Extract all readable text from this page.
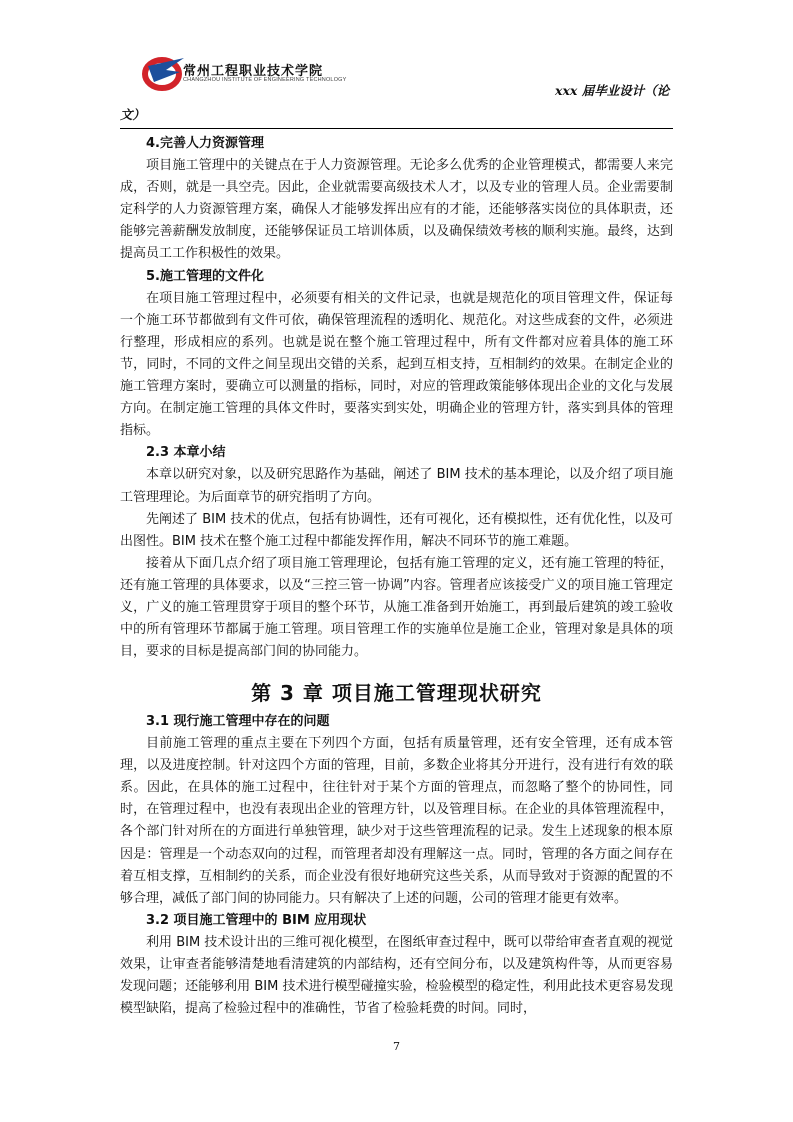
常州工程职业技术学院
CHANGZHOU INSTITUTE OF ENGINEERING TECHNOLOGY
xxx 届毕业设计（论
文）
4.完善人力资源管理

项目施工管理中的关键点在于人力资源管理。无论多么优秀的企业管理模式，都需要人来完成，否则，就是一具空壳。因此，企业就需要高级技术人才，以及专业的管理人员。企业需要制定科学的人力资源管理方案，确保人才能够发挥出应有的才能，还能够落实岗位的具体职责，还能够完善薪酬发放制度，还能够保证员工培训体质，以及确保绩效考核的顺利实施。最终，达到提高员工工作积极性的效果。

5.施工管理的文件化

在项目施工管理过程中，必须要有相关的文件记录，也就是规范化的项目管理文件，保证每一个施工环节都做到有文件可依，确保管理流程的透明化、规范化。对这些成套的文件，必须进行整理，形成相应的系列。也就是说在整个施工管理过程中，所有文件都对应着具体的施工环节，同时，不同的文件之间呈现出交错的关系，起到互相支持，互相制约的效果。在制定企业的施工管理方案时，要确立可以测量的指标，同时，对应的管理政策能够体现出企业的文化与发展方向。在制定施工管理的具体文件时，要落实到实处，明确企业的管理方针，落实到具体的管理指标。

2.3 本章小结

本章以研究对象，以及研究思路作为基础，阐述了 BIM 技术的基本理论，以及介绍了项目施工管理理论。为后面章节的研究指明了方向。

先阐述了 BIM 技术的优点，包括有协调性，还有可视化，还有模拟性，还有优化性，以及可出图性。BIM 技术在整个施工过程中都能发挥作用，解决不同环节的施工难题。

接着从下面几点介绍了项目施工管理理论，包括有施工管理的定义，还有施工管理的特征，还有施工管理的具体要求，以及“三控三管一协调”内容。管理者应该接受广义的项目施工管理定义，广义的施工管理贯穿于项目的整个环节，从施工准备到开始施工，再到最后建筑的竣工验收中的所有管理环节都属于施工管理。项目管理工作的实施单位是施工企业，管理对象是具体的项目，要求的目标是提高部门间的协同能力。

第 3 章 项目施工管理现状研究
3.1 现行施工管理中存在的问题

目前施工管理的重点主要在下列四个方面，包括有质量管理，还有安全管理，还有成本管理，以及进度控制。针对这四个方面的管理，目前，多数企业将其分开进行，没有进行有效的联系。因此，在具体的施工过程中，往往针对于某个方面的管理点，而忽略了整个的协同性，同时，在管理过程中，也没有表现出企业的管理方针，以及管理目标。在企业的具体管理流程中，各个部门针对所在的方面进行单独管理，缺少对于这些管理流程的记录。发生上述现象的根本原因是：管理是一个动态双向的过程，而管理者却没有理解这一点。同时，管理的各方面之间存在着互相支撑，互相制约的关系，而企业没有很好地研究这些关系，从而导致对于资源的配置的不够合理，减低了部门间的协同能力。只有解决了上述的问题，公司的管理才能更有效率。

3.2 项目施工管理中的 BIM 应用现状

利用 BIM 技术设计出的三维可视化模型，在图纸审查过程中，既可以带给审查者直观的视觉效果，让审查者能够清楚地看清建筑的内部结构，还有空间分布，以及建筑构件等，从而更容易发现问题；还能够利用 BIM 技术进行模型碰撞实验，检验模型的稳定性，利用此技术更容易发现模型缺陷，提高了检验过程中的准确性，节省了检验耗费的时间。同时，

7
